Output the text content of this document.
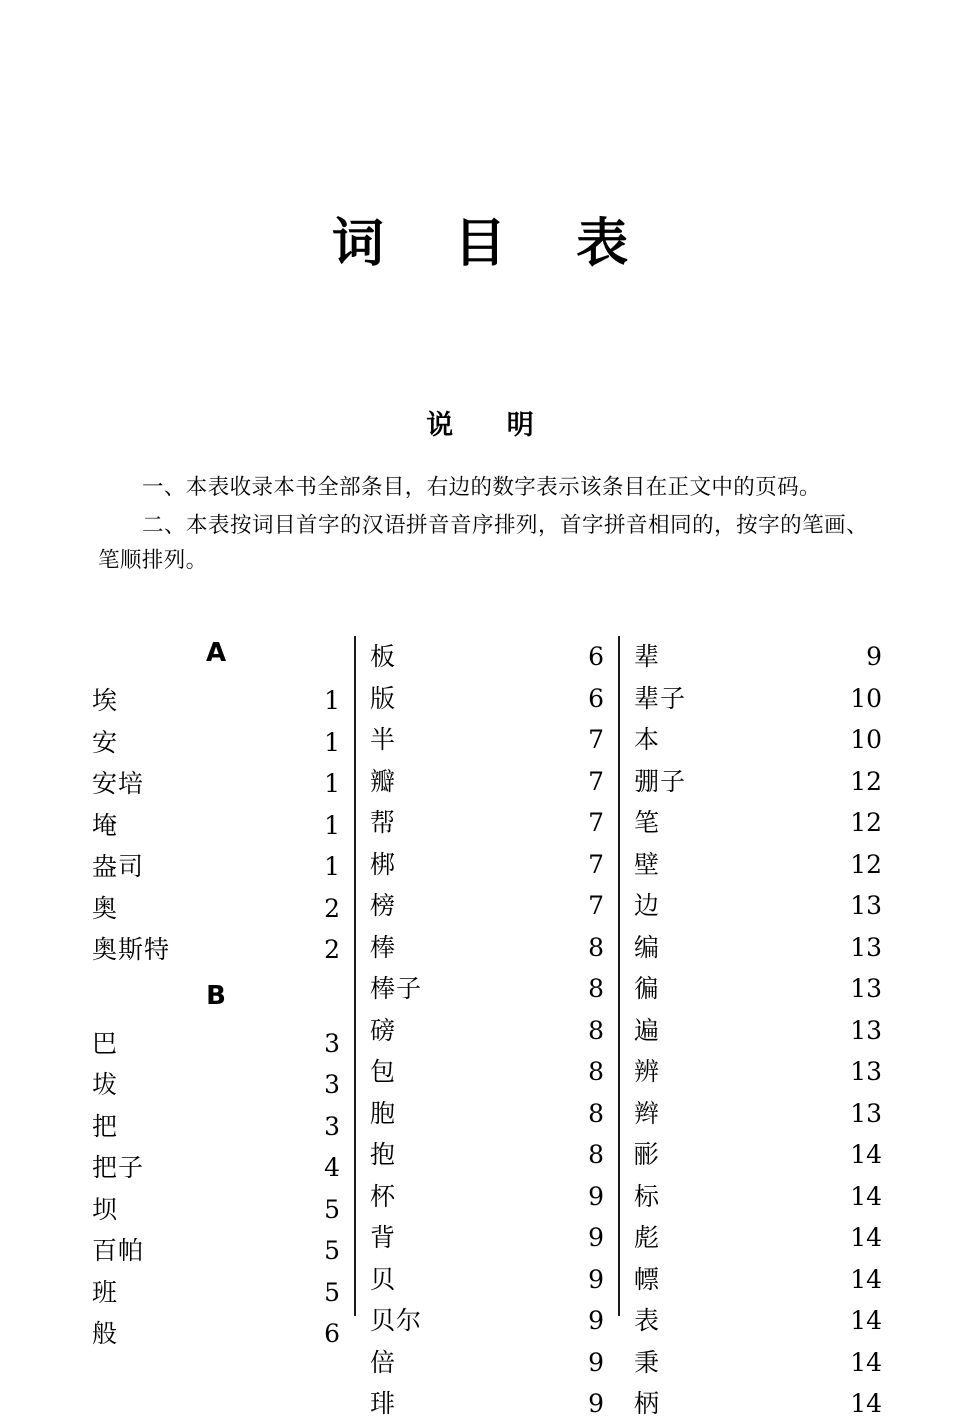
词 目 表
说 明

一、本表收录本书全部条目，右边的数字表示该条目在正文中的页码。

二、本表按词目首字的汉语拼音音序排列，首字拼音相同的，按字的笔画、笔顺排列。

A
埃 ·····	1
安 ·····	1
安培 ·····	1
埯 ·····	1
盎司 ·····	1
奥 ·····	2
奥斯特 ·····	2
B
巴 ·····	3
坺 ·····	3
把 ·····	3
把子 ·····	4
坝 ·····	5
百帕 ·····	5
班 ·····	5
般 ·····	6
板 ·····	6
版 ·····	6
半 ·····	7
瓣 ·····	7
帮 ·····	7
梆 ·····	7
榜 ·····	7
棒 ·····	8
棒子 ·····	8
磅 ·····	8
包 ·····	8
胞 ·····	8
抱 ·····	8
杯 ·····	9
背 ·····	9
贝 ·····	9
贝尔 ·····	9
倍 ·····	9
琲 ·····	9
辈 ·····	9
辈子 ·····	10
本 ·····	10
弸子 ·····	12
笔 ·····	12
壁 ·····	12
边 ·····	13
编 ·····	13
徧 ·····	13
遍 ·····	13
辨 ·····	13
辫 ·····	13
彨 ·····	14
标 ·····	14
彪 ·····	14
幖 ·····	14
表 ·····	14
秉 ·····	14
柄 ·····	14
